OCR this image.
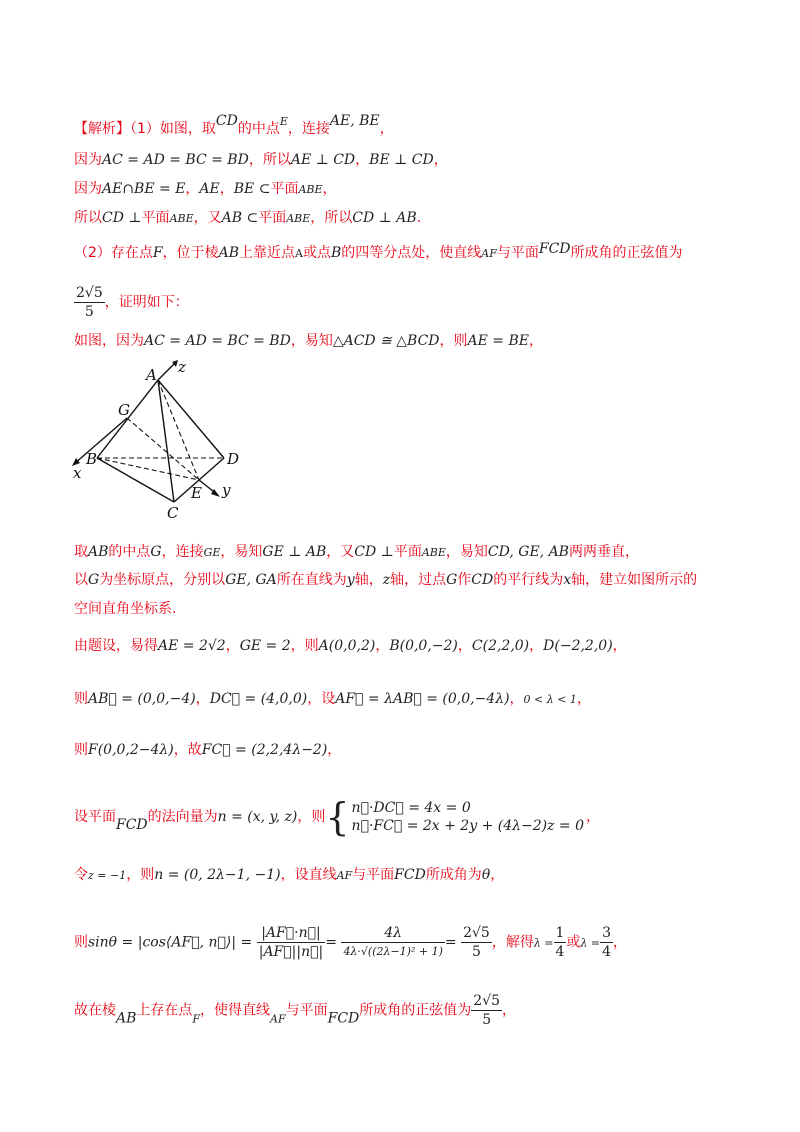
【解析】（1）如图，取CD的中点$^E$，连接AE, BE，
因为AC = AD = BC = BD，所以AE ⊥ CD，BE ⊥ CD，
因为AE∩BE = E，AE，BE ⊂平面ABE，
所以CD ⊥平面ABE，又AB ⊂平面ABE，所以CD ⊥ AB.
（2）存在点F，位于棱AB上靠近点A或点B的四等分点处，使直线AF与平面FCD所成角的正弦值为
$\frac{2√5}{5}$ ，证明如下：
如图，因为AC = AD = BC = BD，易知△ACD ≅ △BCD，则AE = BE，
A
G
B	D
E
C
x
y
z
取AB的中点G，连接GE，易知GE ⊥ AB，又CD ⊥平面ABE，易知CD, GE, AB两两垂直，
以G为坐标原点，分别以GE, GA所在直线为y轴，z轴，过点G作CD的平行线为x轴，建立如图所示的
空间直角坐标系.
由题设，易得AE = 2√2，GE = 2，则A(0,0,2)，B(0,0,−2)，C(2,2,0)，D(−2,2,0)，
则AB⃗ = (0,0,−4)，DC⃗ = (4,0,0)，设AF⃗ = λAB⃗ = (0,0,−4λ)，0 < λ < 1，
则F(0,0,2−4λ)，故FC⃗ = (2,2,4λ−2)，
设平面FCD的法向量为n = (x, y, z)，则{ n⃗·DC⃗ = 4x = 0
n⃗·FC⃗ = 2x + 2y + (4λ−2)z = 0
，
令z = −1，则n = (0, 2λ−1, −1)，设直线AF与平面FCD所成角为θ，
则sinθ = |cos⟨AF⃗, n⃗⟩| = $\frac{|AF⃗\cdot n⃗|}{|AF⃗||n⃗|} = \frac{4\lambda}{\text{4λ·√((2λ−1)² + 1)}} = \frac{2√5}{5}$ ，解得$\lambda = \frac{1}{4}$ 或$\lambda = \frac{3}{4}$ ，
故在棱AB上存在点$_F$，使得直线$_{AF}$与平面FCD所成角的正弦值为 $\frac{2√5}{5}$ ，
